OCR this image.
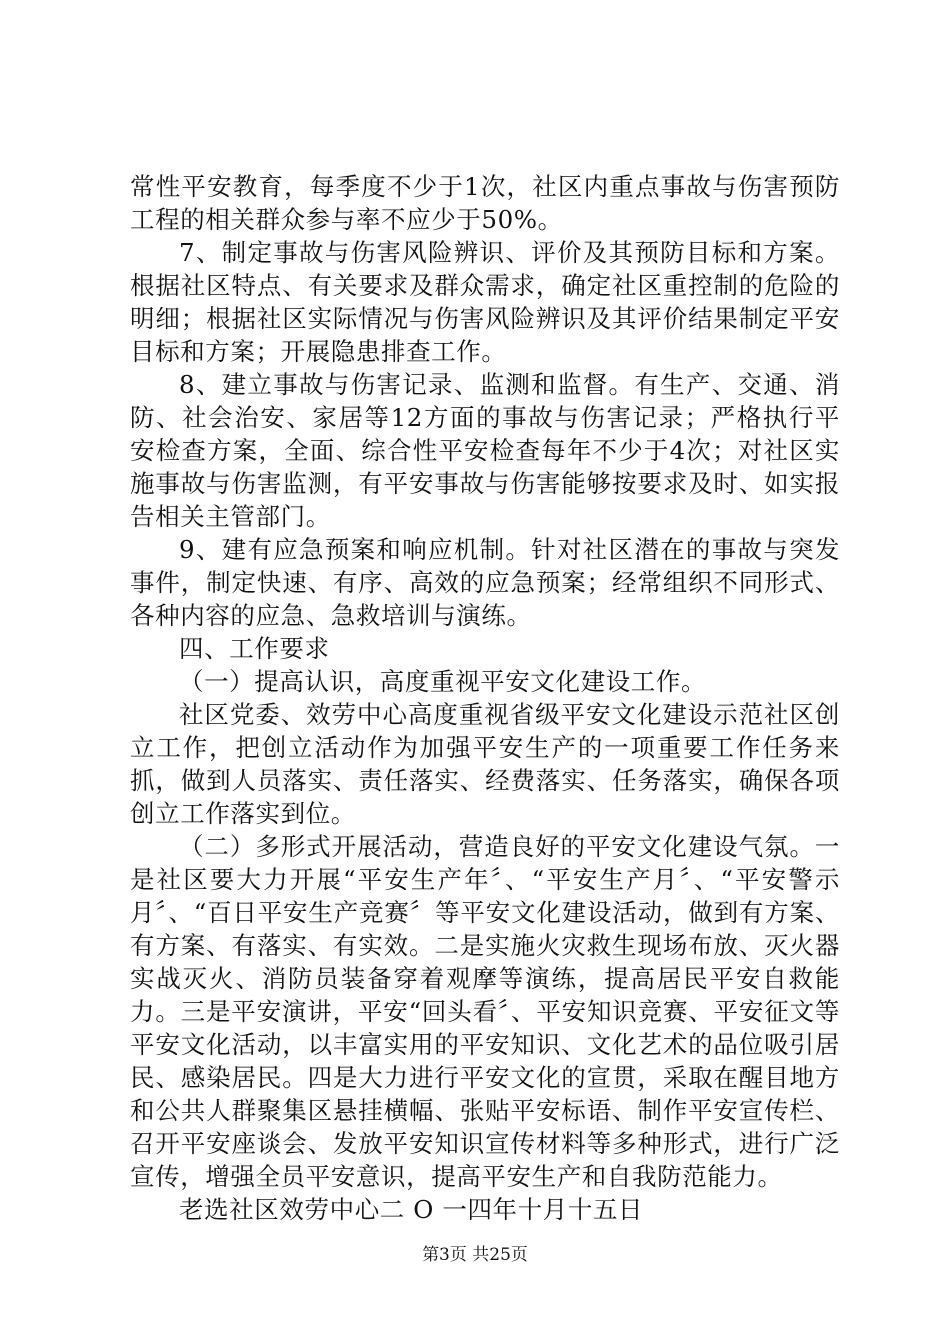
常性平安教育，每季度不少于1次，社区内重点事故与伤害预防工程的相关群众参与率不应少于50%。

7、制定事故与伤害风险辨识、评价及其预防目标和方案。根据社区特点、有关要求及群众需求，确定社区重控制的危险的明细；根据社区实际情况与伤害风险辨识及其评价结果制定平安目标和方案；开展隐患排查工作。

8、建立事故与伤害记录、监测和监督。有生产、交通、消防、社会治安、家居等12方面的事故与伤害记录；严格执行平安检查方案，全面、综合性平安检查每年不少于4次；对社区实施事故与伤害监测，有平安事故与伤害能够按要求及时、如实报告相关主管部门。

9、建有应急预案和响应机制。针对社区潜在的事故与突发事件，制定快速、有序、高效的应急预案；经常组织不同形式、各种内容的应急、急救培训与演练。

四、工作要求

（一）提高认识，高度重视平安文化建设工作。

社区党委、效劳中心高度重视省级平安文化建设示范社区创立工作，把创立活动作为加强平安生产的一项重要工作任务来抓，做到人员落实、责任落实、经费落实、任务落实，确保各项创立工作落实到位。

（二）多形式开展活动，营造良好的平安文化建设气氛。一是社区要大力开展“平安生产年〞、“平安生产月〞、“平安警示月〞、“百日平安生产竞赛〞等平安文化建设活动，做到有方案、有方案、有落实、有实效。二是实施火灾救生现场布放、灭火器实战灭火、消防员装备穿着观摩等演练，提高居民平安自救能力。三是平安演讲，平安“回头看〞、平安知识竞赛、平安征文等平安文化活动，以丰富实用的平安知识、文化艺术的品位吸引居民、感染居民。四是大力进行平安文化的宣贯，采取在醒目地方和公共人群聚集区悬挂横幅、张贴平安标语、制作平安宣传栏、召开平安座谈会、发放平安知识宣传材料等多种形式，进行广泛宣传，增强全员平安意识，提高平安生产和自我防范能力。

老选社区效劳中心二 O 一四年十月十五日

第3页 共25页
